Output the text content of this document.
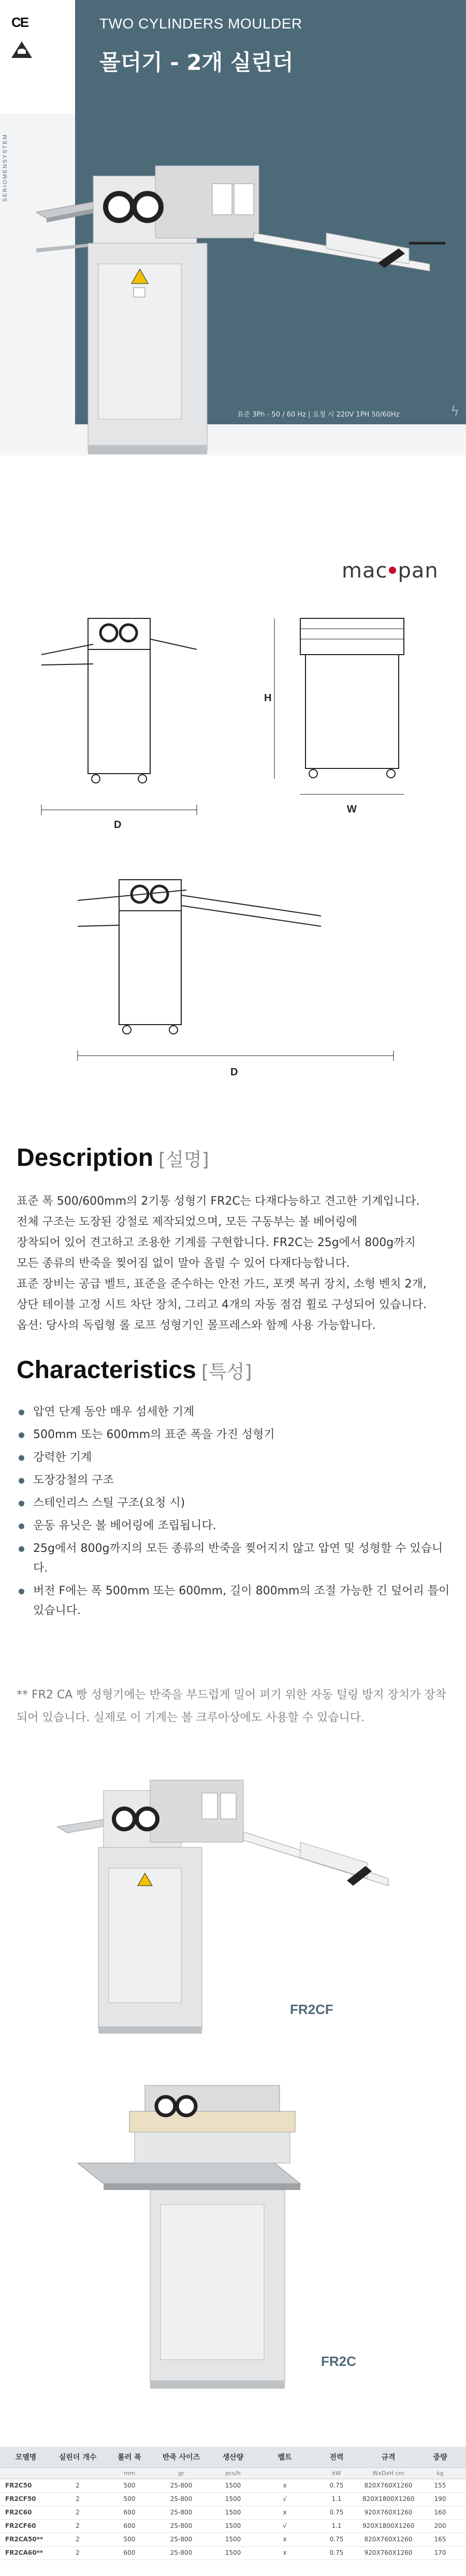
CE
SERIOMENSYSTEM
TWO CYLINDERS MOULDER
몰더기 - 2개 실린더
표준 3Ph - 50 / 60 Hz | 요청 시 220V 1PH 50/60Hz	ϟ
mac pan
D
H
W
D
Description [설명]

표준 폭 500/600mm의 2기통 성형기 FR2C는 다재다능하고 견고한 기계입니다.

전체 구조는 도장된 강철로 제작되었으며, 모든 구동부는 볼 베어링에

장착되어 있어 견고하고 조용한 기계를 구현합니다. FR2C는 25g에서 800g까지

모든 종류의 반죽을 찢어짐 없이 말아 올릴 수 있어 다재다능합니다.

표준 장비는 공급 벨트, 표준을 준수하는 안전 가드, 포켓 복귀 장치, 소형 벤치 2개,

상단 테이블 고정 시트 차단 장치, 그리고 4개의 자동 점검 휠로 구성되어 있습니다.

옵션: 당사의 독립형 롤 로프 성형기인 몰프레스와 함께 사용 가능합니다.

Characteristics [특성]
압연 단계 동안 매우 섬세한 기계
500mm 또는 600mm의 표준 폭을 가진 성형기
강력한 기계
도장강철의 구조
스테인리스 스틸 구조(요청 시)
운동 유닛은 볼 베어링에 조립됩니다.
25g에서 800g까지의 모든 종류의 반죽을 찢어지지 않고 압연 및 성형할 수 있습니다.
버전 F에는 폭 500mm 또는 600mm, 길이 800mm의 조절 가능한 긴 덮어리 틀이 있습니다.
** FR2 CA 빵 성형기에는 반죽을 부드럽게 밀어 펴기 위한 자동 털링 방지 장치가 장착되어 있습니다. 실제로 이 기계는 볼 크루아상에도 사용할 수 있습니다.
FR2CF
FR2C
모델명	실린더 개수	롤러 폭	반죽 사이즈	생산량	벨트	전력	규격	중량
		mm	gr	pcs/h		kW	WxDxH cm	kg
FR2C50	2	500	25-800	1500	x	0.75	820X760X1260	155
FR2CF50	2	500	25-800	1500	√	1.1	820X1800X1260	190
FR2C60	2	600	25-800	1500	x	0.75	920X760X1260	160
FR2CF60	2	600	25-800	1500	√	1.1	920X1800X1260	200
FR2CA50**	2	500	25-800	1500	x	0.75	820X760X1260	165
FR2CA60**	2	600	25-800	1500	x	0.75	920X760X1260	170
